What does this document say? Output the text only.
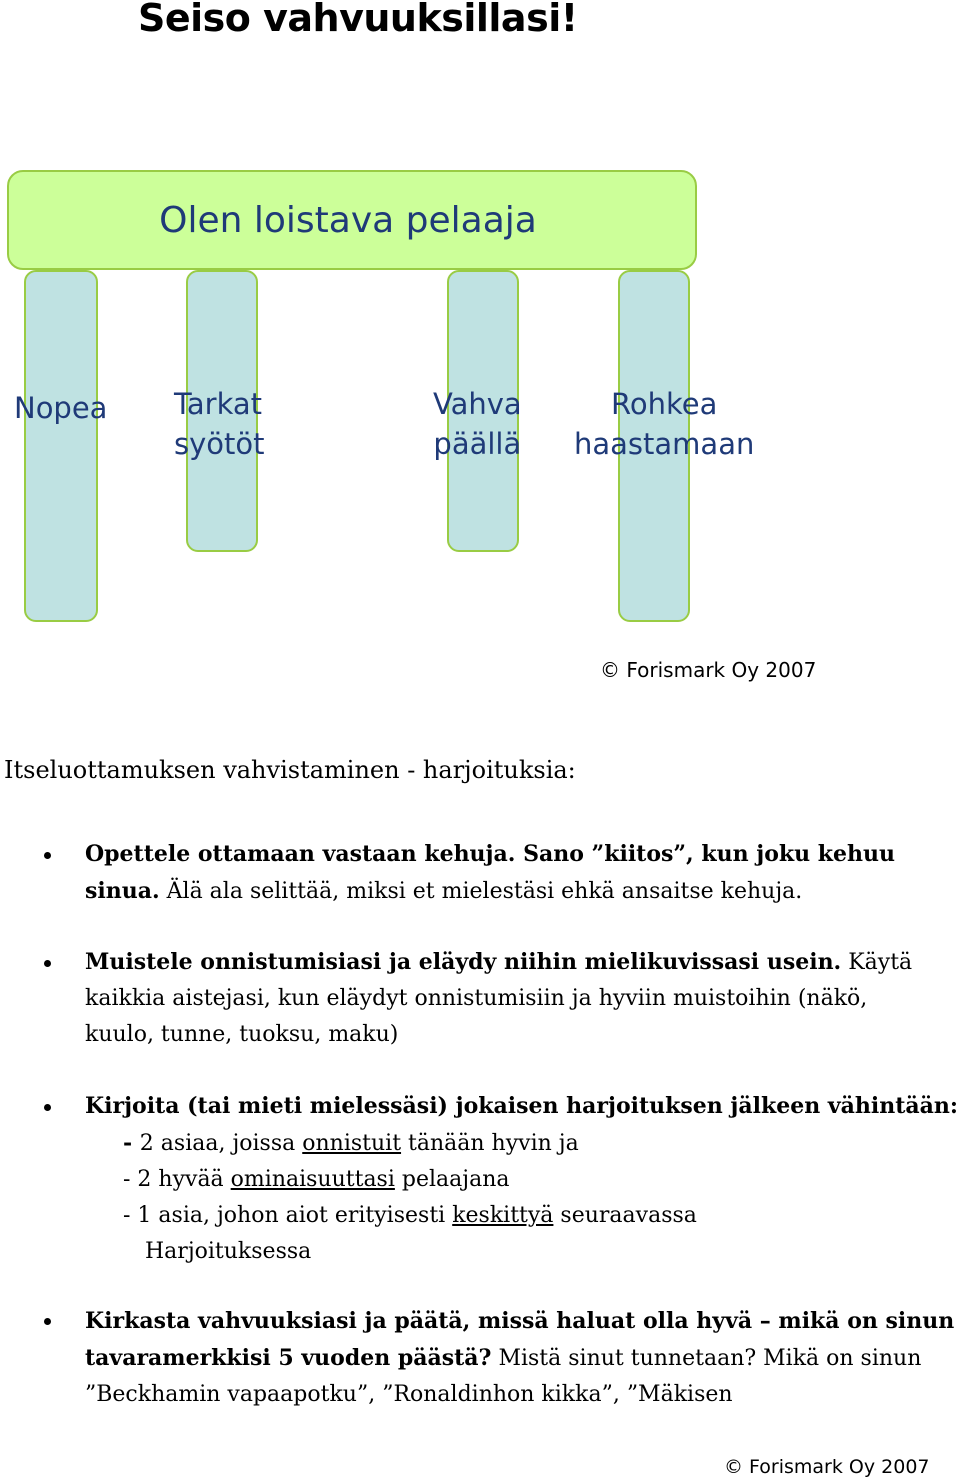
Seiso vahvuuksillasi!
Olen loistava pelaaja
Nopea Tarkat
syötöt
Vahva
päällä
Rohkea
haastamaan
© Forismark Oy 2007
Itseluottamuksen vahvistamine​n - harjoituksia:
Opettele ottamaan vastaan kehuja. Sano ”kiitos”, kun joku kehuu
sinua. Älä ala selittää, miksi et mielestäsi ehkä ansaitse kehuja.
Muistele onnistumisiasi ja eläydy niihin mielikuvissasi usein. Käytä
kaikkia aistejasi, kun eläydyt onnistumisiin ja hyviin muistoihin (näkö,
kuulo, tunne, tuoksu, maku)
Kirjoita (tai mieti mielessäsi) jokaisen harjoituksen jälkeen vähintään:
- 2 asiaa, joissa onnistuit tänään hyvin ja
- 2 hyvää ominaisuuttasi pelaajana
- 1 asia, johon aiot erityisesti keskittyä seuraavassa
Harjoituksessa
Kirkasta vahvuuksiasi ja päätä, missä haluat olla hyvä – mikä on sinun
tavaramerkkisi 5 vuoden päästä? Mistä sinut tunnetaan? Mikä on sinun
”Beckhamin vapaapotku”, ”Ronaldinhon kikka”, ”Mäkisen
© Forismark Oy 2007
